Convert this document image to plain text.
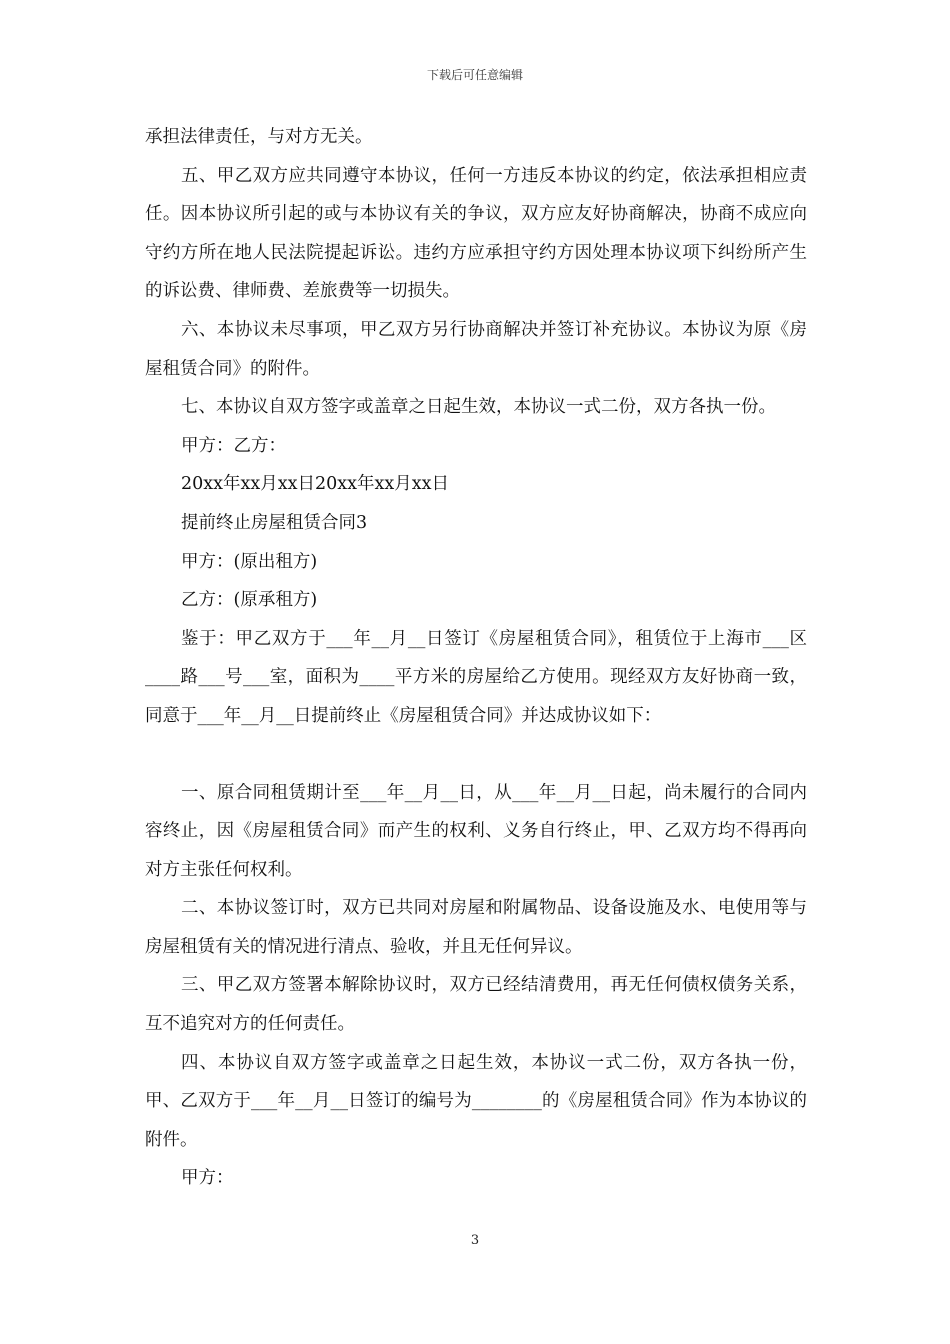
下载后可任意编辑

承担法律责任，与对方无关。

五、甲乙双方应共同遵守本协议，任何一方违反本协议的约定，依法承担相应责任。因本协议所引起的或与本协议有关的争议，双方应友好协商解决，协商不成应向守约方所在地人民法院提起诉讼。违约方应承担守约方因处理本协议项下纠纷所产生的诉讼费、律师费、差旅费等一切损失。

六、本协议未尽事项，甲乙双方另行协商解决并签订补充协议。本协议为原《房屋租赁合同》的附件。

七、本协议自双方签字或盖章之日起生效，本协议一式二份，双方各执一份。

甲方：乙方：

20xx年xx月xx日20xx年xx月xx日

提前终止房屋租赁合同3

甲方：(原出租方)

乙方：(原承租方)

鉴于：甲乙双方于___年__月__日签订《房屋租赁合同》，租赁位于上海市___区____路___号___室，面积为____平方米的房屋给乙方使用。现经双方友好协商一致，同意于___年__月__日提前终止《房屋租赁合同》并达成协议如下：

一、原合同租赁期计至___年__月__日，从___年__月__日起，尚未履行的合同内容终止，因《房屋租赁合同》而产生的权利、义务自行终止，甲、乙双方均不得再向对方主张任何权利。

二、本协议签订时，双方已共同对房屋和附属物品、设备设施及水、电使用等与房屋租赁有关的情况进行清点、验收，并且无任何异议。

三、甲乙双方签署本解除协议时，双方已经结清费用，再无任何债权债务关系，互不追究对方的任何责任。

四、本协议自双方签字或盖章之日起生效，本协议一式二份，双方各执一份，甲、乙双方于___年__月__日签订的编号为________的《房屋租赁合同》作为本协议的附件。

甲方：

3
